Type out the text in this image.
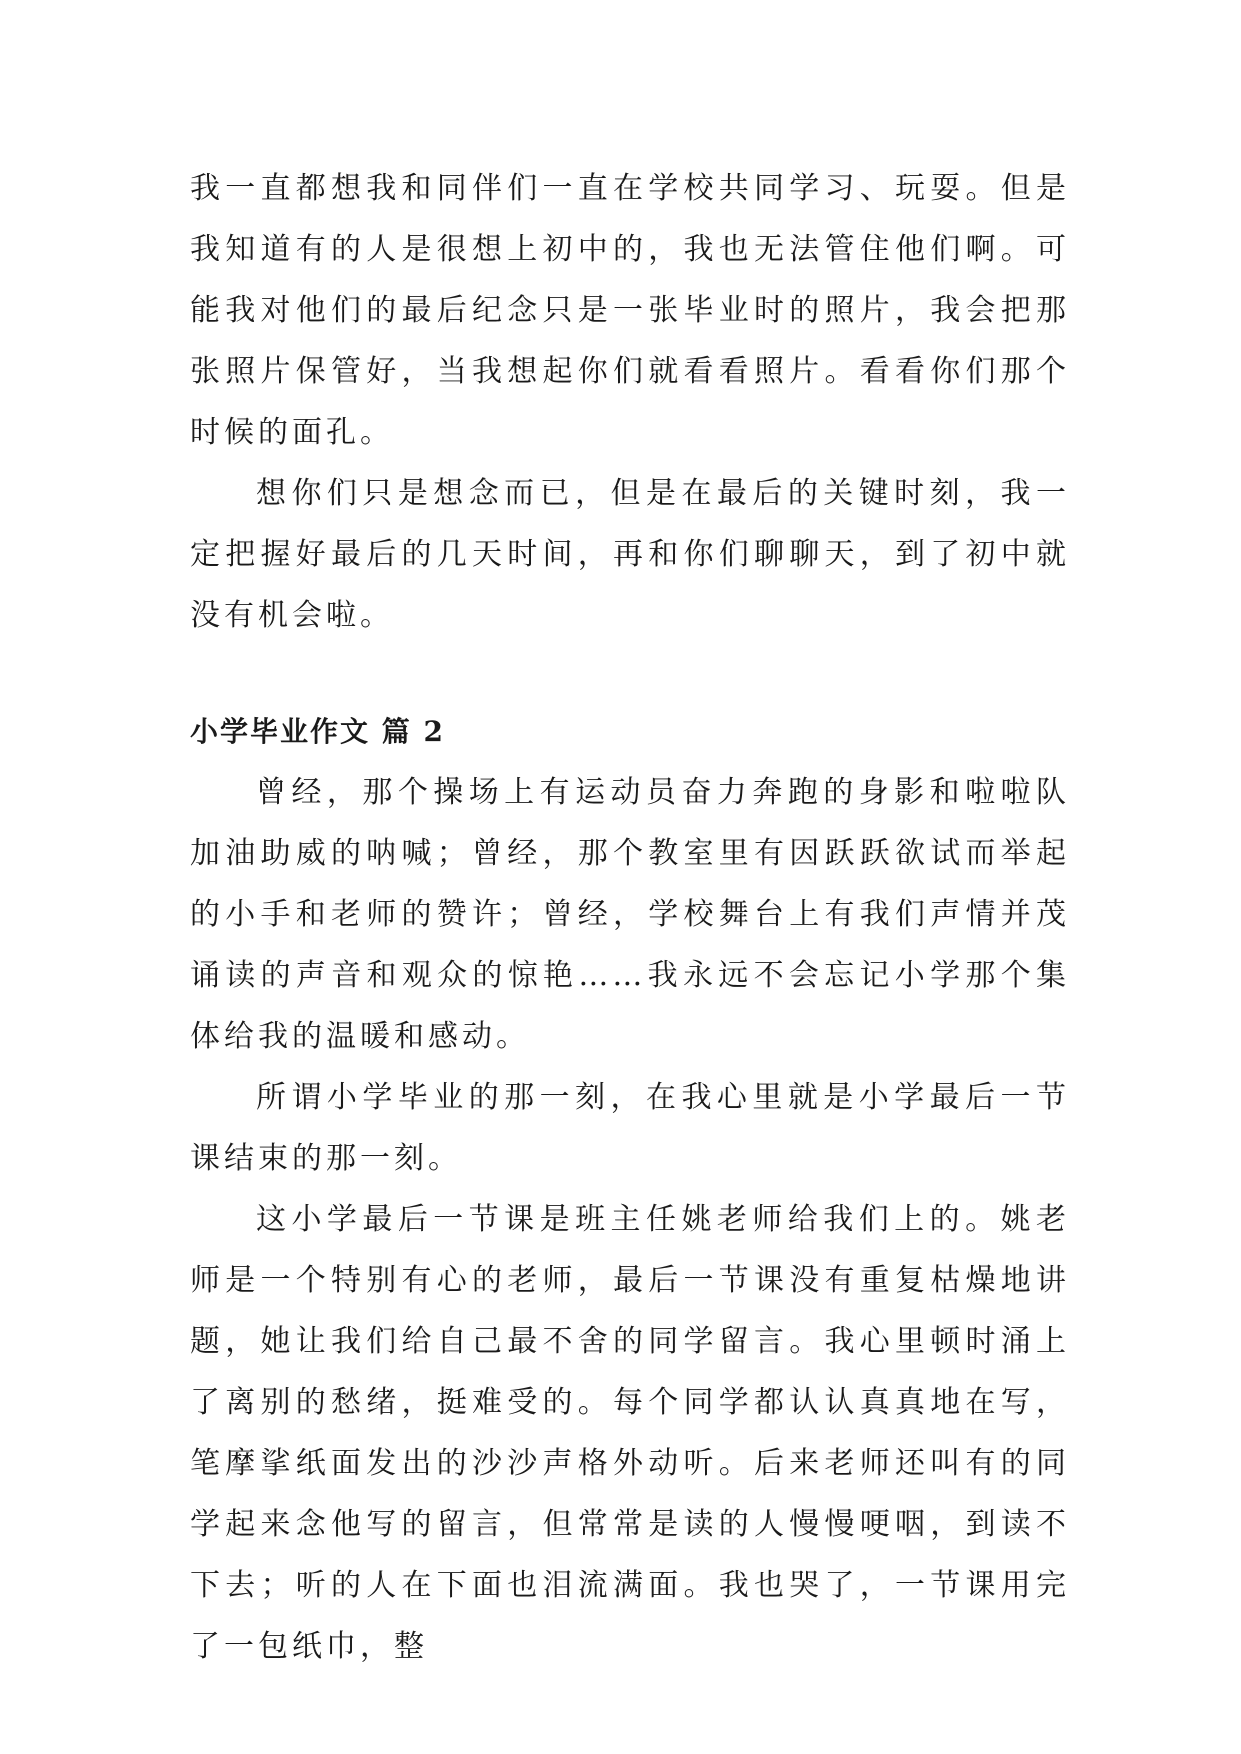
我一直都想我和同伴们一直在学校共同学习、玩耍。但是我知道有的人是很想上初中的，我也无法管住他们啊。可能我对他们的最后纪念只是一张毕业时的照片，我会把那张照片保管好，当我想起你们就看看照片。看看你们那个时候的面孔。

想你们只是想念而已，但是在最后的关键时刻，我一定把握好最后的几天时间，再和你们聊聊天，到了初中就没有机会啦。

小学毕业作文 篇 2

曾经，那个操场上有运动员奋力奔跑的身影和啦啦队加油助威的呐喊；曾经，那个教室里有因跃跃欲试而举起的小手和老师的赞许；曾经，学校舞台上有我们声情并茂诵读的声音和观众的惊艳……我永远不会忘记小学那个集体给我的温暖和感动。

所谓小学毕业的那一刻，在我心里就是小学最后一节课结束的那一刻。

这小学最后一节课是班主任姚老师给我们上的。姚老师是一个特别有心的老师，最后一节课没有重复枯燥地讲题，她让我们给自己最不舍的同学留言。我心里顿时涌上了离别的愁绪，挺难受的。每个同学都认认真真地在写，笔摩挲纸面发出的沙沙声格外动听。后来老师还叫有的同学起来念他写的留言，但常常是读的人慢慢哽咽，到读不下去；听的人在下面也泪流满面。我也哭了，一节课用完了一包纸巾，整
